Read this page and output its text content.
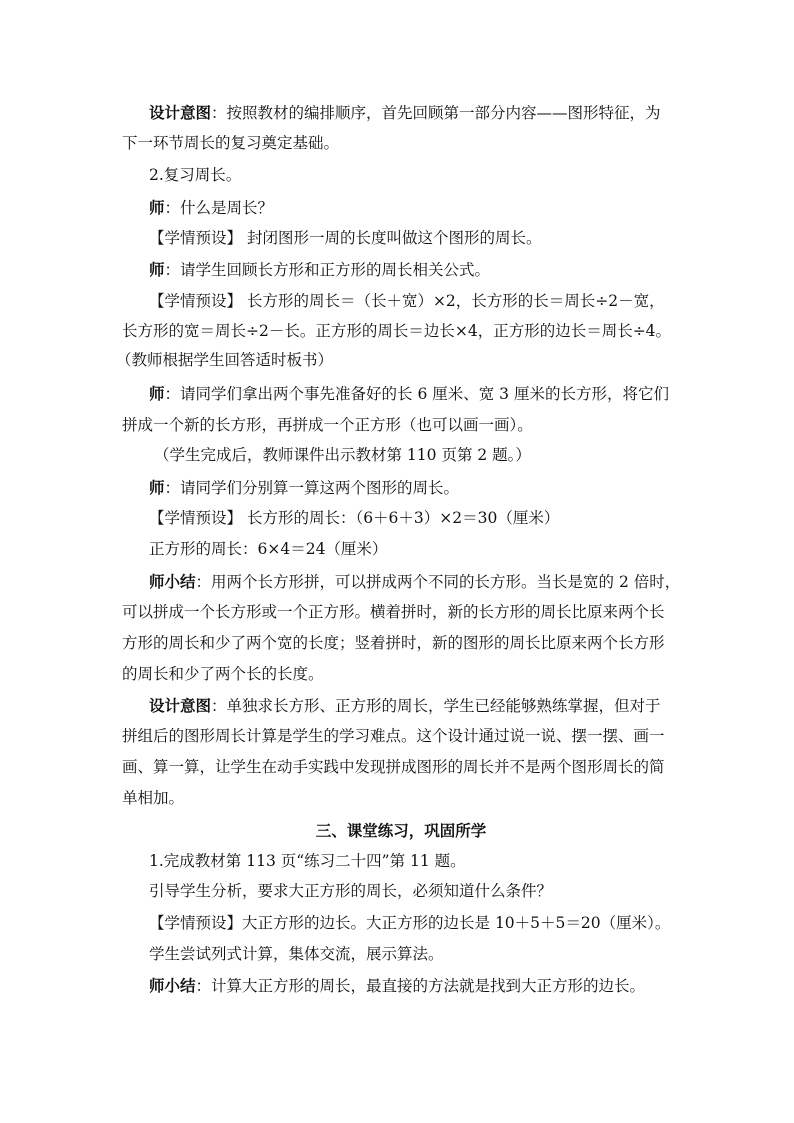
设计意图：按照教材的编排顺序，首先回顾第一部分内容——图形特征，为

下一环节周长的复习奠定基础。

2.复习周长。

师：什么是周长？

【学情预设】 封闭图形一周的长度叫做这个图形的周长。

师：请学生回顾长方形和正方形的周长相关公式。

【学情预设】 长方形的周长＝（长＋宽）×2，长方形的长＝周长÷2－宽，

长方形的宽＝周长÷2－长。正方形的周长＝边长×4，正方形的边长＝周长÷4。

（教师根据学生回答适时板书）

师：请同学们拿出两个事先准备好的长 6 厘米、宽 3 厘米的长方形，将它们

拼成一个新的长方形，再拼成一个正方形（也可以画一画）。

（学生完成后，教师课件出示教材第 110 页第 2 题。）

师：请同学们分别算一算这两个图形的周长。

【学情预设】 长方形的周长：（6＋6＋3）×2＝30（厘米）

正方形的周长：6×4＝24（厘米）

师小结：用两个长方形拼，可以拼成两个不同的长方形。当长是宽的 2 倍时，

可以拼成一个长方形或一个正方形。横着拼时，新的长方形的周长比原来两个长

方形的周长和少了两个宽的长度；竖着拼时，新的图形的周长比原来两个长方形

的周长和少了两个长的长度。

设计意图：单独求长方形、正方形的周长，学生已经能够熟练掌握，但对于

拼组后的图形周长计算是学生的学习难点。这个设计通过说一说、摆一摆、画一

画、算一算，让学生在动手实践中发现拼成图形的周长并不是两个图形周长的简

单相加。

三、课堂练习，巩固所学

1.完成教材第 113 页“练习二十四”第 11 题。

引导学生分析，要求大正方形的周长，必须知道什么条件？

【学情预设】大正方形的边长。大正方形的边长是 10＋5＋5＝20（厘米）。

学生尝试列式计算，集体交流，展示算法。

师小结：计算大正方形的周长，最直接的方法就是找到大正方形的边长。
